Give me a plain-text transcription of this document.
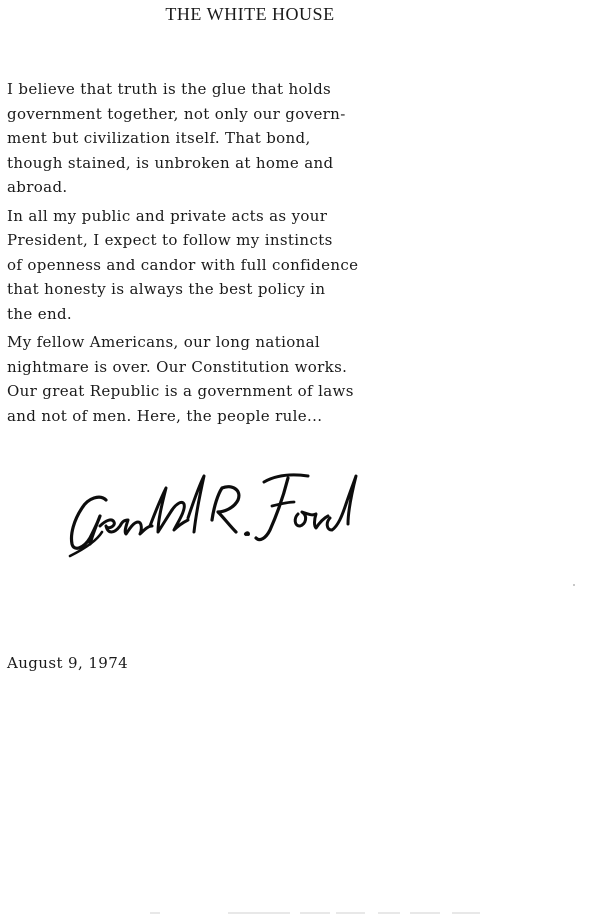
THE WHITE HOUSE
I believe that truth is the glue that holds
government together, not only our govern-
ment but civilization itself. That bond,
though stained, is unbroken at home and
abroad.
In all my public and private acts as your
President, I expect to follow my instincts
of openness and candor with full confidence
that honesty is always the best policy in
the end.
My fellow Americans, our long national
nightmare is over. Our Constitution works.
Our great Republic is a government of laws
and not of men. Here, the people rule...
August 9, 1974
